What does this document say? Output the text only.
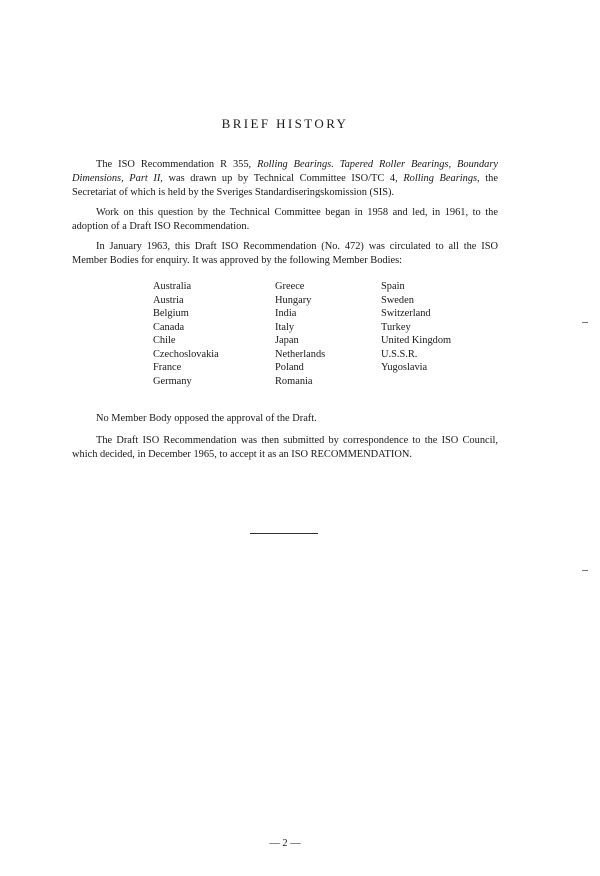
BRIEF HISTORY

The ISO Recommendation R 355, Rolling Bearings. Tapered Roller Bearings, Boundary Dimensions, Part II, was drawn up by Technical Committee ISO/TC 4, Rolling Bearings, the Secretariat of which is held by the Sveriges Standardiseringskomission (SIS).

Work on this question by the Technical Committee began in 1958 and led, in 1961, to the adoption of a Draft ISO Recommendation.

In January 1963, this Draft ISO Recommendation (No. 472) was circulated to all the ISO Member Bodies for enquiry. It was approved by the following Member Bodies:

Australia
Austria
Belgium
Canada
Chile
Czechoslovakia
France
Germany
Greece
Hungary
India
Italy
Japan
Netherlands
Poland
Romania
Spain
Sweden
Switzerland
Turkey
United Kingdom
U.S.S.R.
Yugoslavia

No Member Body opposed the approval of the Draft.

The Draft ISO Recommendation was then submitted by correspondence to the ISO Council, which decided, in December 1965, to accept it as an ISO RECOMMENDATION.

— 2 —
